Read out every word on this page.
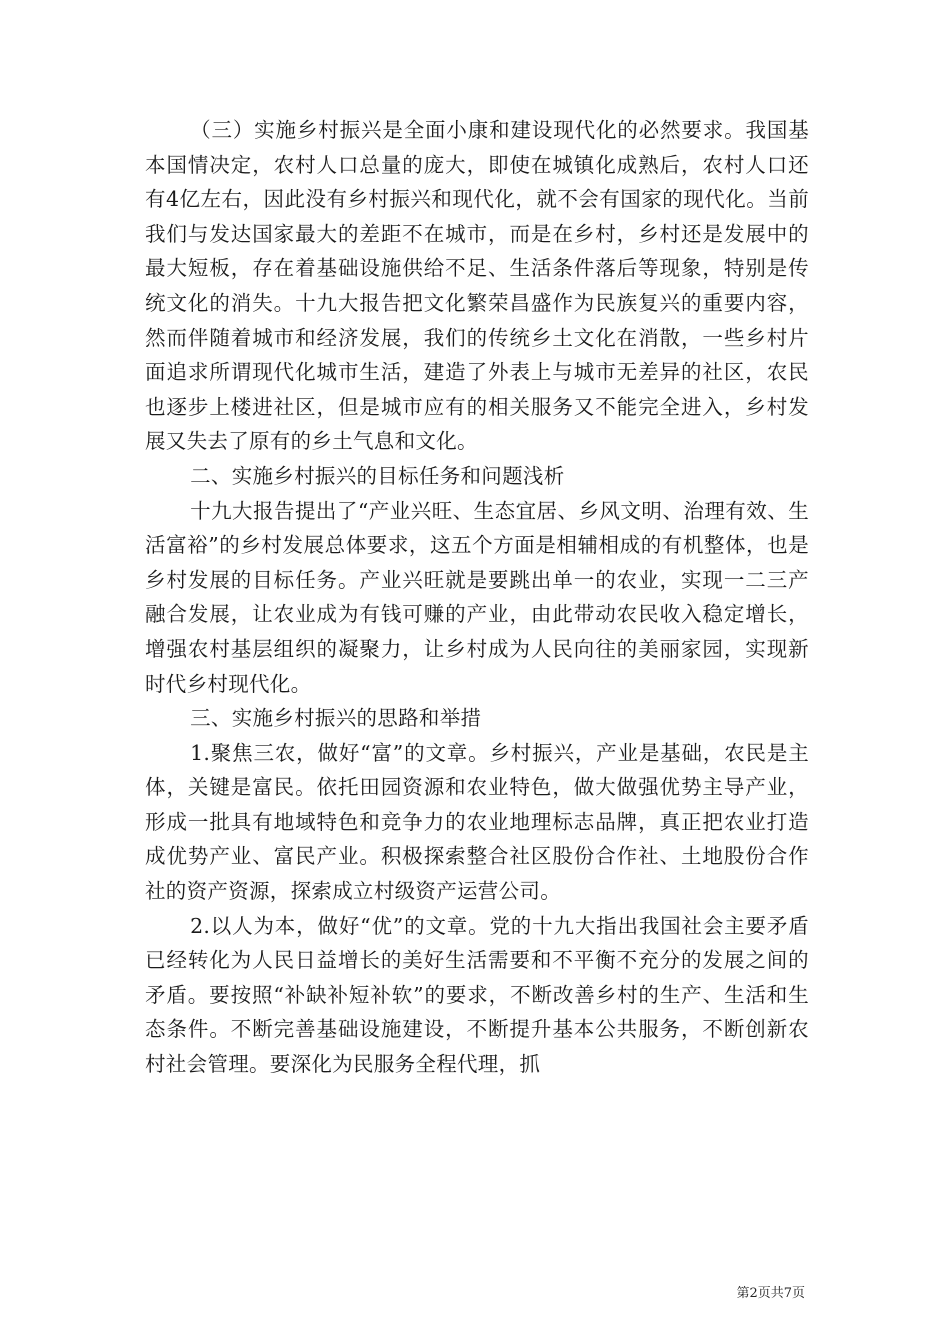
（三）实施乡村振兴是全面小康和建设现代化的必然要求。我国基本国情决定，农村人口总量的庞大，即使在城镇化成熟后，农村人口还有4亿左右，因此没有乡村振兴和现代化，就不会有国家的现代化。当前我们与发达国家最大的差距不在城市，而是在乡村，乡村还是发展中的最大短板，存在着基础设施供给不足、生活条件落后等现象，特别是传统文化的消失。十九大报告把文化繁荣昌盛作为民族复兴的重要内容，然而伴随着城市和经济发展，我们的传统乡土文化在消散，一些乡村片面追求所谓现代化城市生活，建造了外表上与城市无差异的社区，农民也逐步上楼进社区，但是城市应有的相关服务又不能完全进入，乡村发展又失去了原有的乡土气息和文化。

二、实施乡村振兴的目标任务和问题浅析

十九大报告提出了“产业兴旺、生态宜居、乡风文明、治理有效、生活富裕”的乡村发展总体要求，这五个方面是相辅相成的有机整体，也是乡村发展的目标任务。产业兴旺就是要跳出单一的农业，实现一二三产融合发展，让农业成为有钱可赚的产业，由此带动农民收入稳定增长，增强农村基层组织的凝聚力，让乡村成为人民向往的美丽家园，实现新时代乡村现代化。

三、实施乡村振兴的思路和举措

1.聚焦三农，做好“富”的文章。乡村振兴，产业是基础，农民是主体，关键是富民。依托田园资源和农业特色，做大做强优势主导产业，形成一批具有地域特色和竞争力的农业地理标志品牌，真正把农业打造成优势产业、富民产业。积极探索整合社区股份合作社、土地股份合作社的资产资源，探索成立村级资产运营公司。

2.以人为本，做好“优”的文章。党的十九大指出我国社会主要矛盾已经转化为人民日益增长的美好生活需要和不平衡不充分的发展之间的矛盾。要按照“补缺补短补软”的要求，不断改善乡村的生产、生活和生态条件。不断完善基础设施建设，不断提升基本公共服务，不断创新农村社会管理。要深化为民服务全程代理，抓

第2页共7页
